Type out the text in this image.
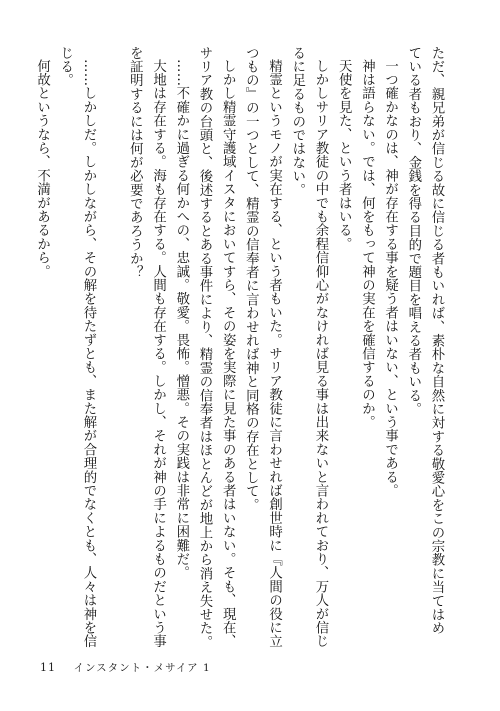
ただ、親兄弟が信じる故に信じる者もいれば、素朴な自然に対する敬愛心をこの宗教に当てはめ
ている者もおり、金銭を得る目的で題目を唱える者もいる。
一つ確かなのは、神が存在する事を疑う者はいない、という事である。
神は語らない。では、何をもって神の実在を確信するのか。
天使を見た、という者はいる。
しかしサリア教徒の中でも余程信仰心がなければ見る事は出来ないと言われており、万人が信じ
るに足るものではない。
精霊というモノが実在する、という者もいた。サリア教徒に言わせれば創世時に『人間の役に立
つもの』の一つとして、精霊の信奉者に言わせれば神と同格の存在として。
しかし精霊守護域イスタにおいてすら、その姿を実際に見た事のある者はいない。そも、現在、
サリア教の台頭と、後述するとある事件により、精霊の信奉者はほとんどが地上から消え失せた。
……不確かに過ぎる何かへの、忠誠。敬愛。畏怖。憎悪。その実践は非常に困難だ。
大地は存在する。海も存在する。人間も存在する。しかし、それが神の手によるものだという事
を証明するには何が必要であろうか？

……しかしだ。しかしながら、その解を待たずとも、また解が合理的でなくとも、人々は神を信
じる。
何故というなら、不満があるから。
11 インスタント・メサイア 1
